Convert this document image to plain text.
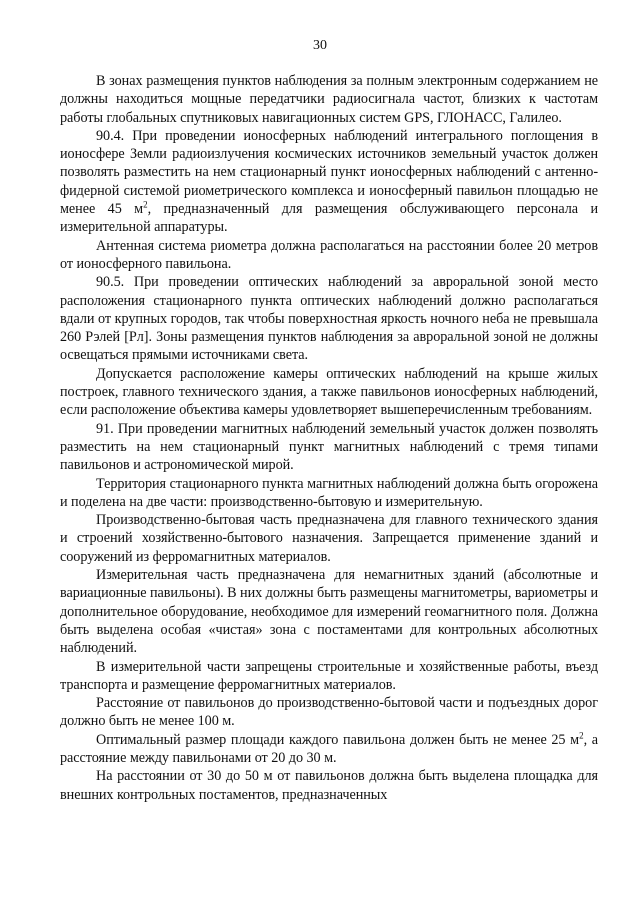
30

В зонах размещения пунктов наблюдения за полным электронным содержанием не должны находиться мощные передатчики радиосигнала частот, близких к частотам работы глобальных спутниковых навигационных систем GPS, ГЛОНАСС, Галилео.

90.4. При проведении ионосферных наблюдений интегрального поглощения в ионосфере Земли радиоизлучения космических источников земельный участок должен позволять разместить на нем стационарный пункт ионосферных наблюдений с антенно-фидерной системой риометрического комплекса и ионосферный павильон площадью не менее 45 $м^2$, предназначенный для размещения обслуживающего персонала и измерительной аппаратуры.

Антенная система риометра должна располагаться на расстоянии более 20 метров от ионосферного павильона.

90.5. При проведении оптических наблюдений за авроральной зоной место расположения стационарного пункта оптических наблюдений должно располагаться вдали от крупных городов, так чтобы поверхностная яркость ночного неба не превышала 260 Рэлей [Рл]. Зоны размещения пунктов наблюдения за авроральной зоной не должны освещаться прямыми источниками света.

Допускается расположение камеры оптических наблюдений на крыше жилых построек, главного технического здания, а также павильонов ионосферных наблюдений, если расположение объектива камеры удовлетворяет вышеперечисленным требованиям.

91. При проведении магнитных наблюдений земельный участок должен позволять разместить на нем стационарный пункт магнитных наблюдений с тремя типами павильонов и астрономической мирой.

Территория стационарного пункта магнитных наблюдений должна быть огорожена и поделена на две части: производственно-бытовую и измерительную.

Производственно-бытовая часть предназначена для главного технического здания и строений хозяйственно-бытового назначения. Запрещается применение зданий и сооружений из ферромагнитных материалов.

Измерительная часть предназначена для немагнитных зданий (абсолютные и вариационные павильоны). В них должны быть размещены магнитометры, вариометры и дополнительное оборудование, необходимое для измерений геомагнитного поля. Должна быть выделена особая «чистая» зона с постаментами для контрольных абсолютных наблюдений.

В измерительной части запрещены строительные и хозяйственные работы, въезд транспорта и размещение ферромагнитных материалов.

Расстояние от павильонов до производственно-бытовой части и подъездных дорог должно быть не менее 100 м.

Оптимальный размер площади каждого павильона должен быть не менее 25 $м^2$, а расстояние между павильонами от 20 до 30 м.

На расстоянии от 30 до 50 м от павильонов должна быть выделена площадка для внешних контрольных постаментов, предназначенных
